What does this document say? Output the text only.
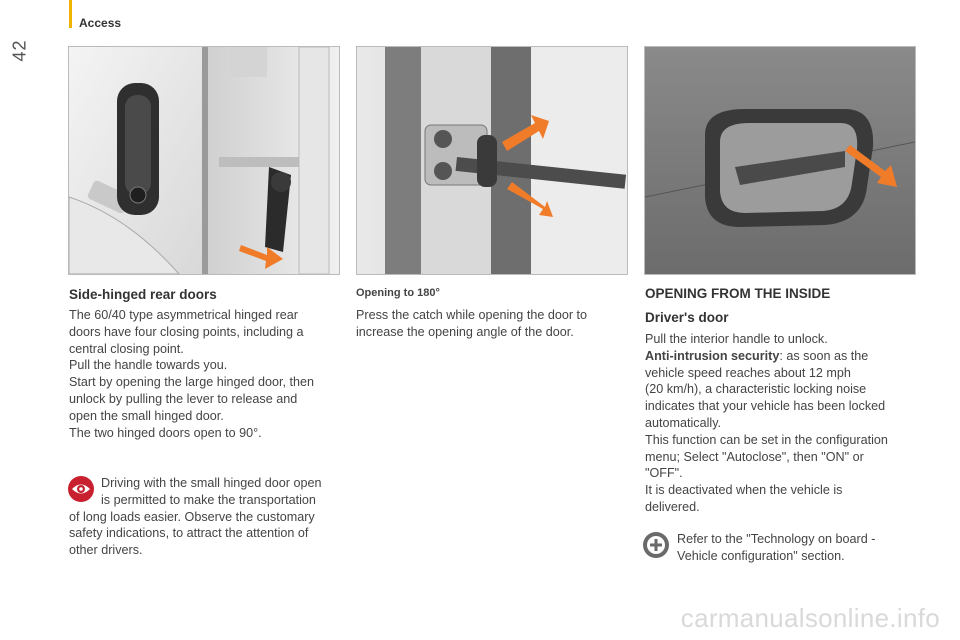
42
Access
Side-hinged rear doors

The 60/40 type asymmetrical hinged rear

doors have four closing points, including a

central closing point.

Pull the handle towards you.

Start by opening the large hinged door, then

unlock by pulling the lever to release and

open the small hinged door.

The two hinged doors open to 90°.

Driving with the small hinged door open

is permitted to make the transportation

of long loads easier. Observe the customary

safety indications, to attract the attention of

other drivers.

Opening to 180°

Press the catch while opening the door to

increase the opening angle of the door.

OPENING FROM THE INSIDE
Driver's door

Pull the interior handle to unlock.

Anti-intrusion security: as soon as the

vehicle speed reaches about 12 mph

(20 km/h), a characteristic locking noise

indicates that your vehicle has been locked

automatically.

This function can be set in the configuration

menu; Select "Autoclose", then "ON" or

"OFF".

It is deactivated when the vehicle is

delivered.

Refer to the "Technology on board -

Vehicle configuration" section.

carmanualsonline.info
